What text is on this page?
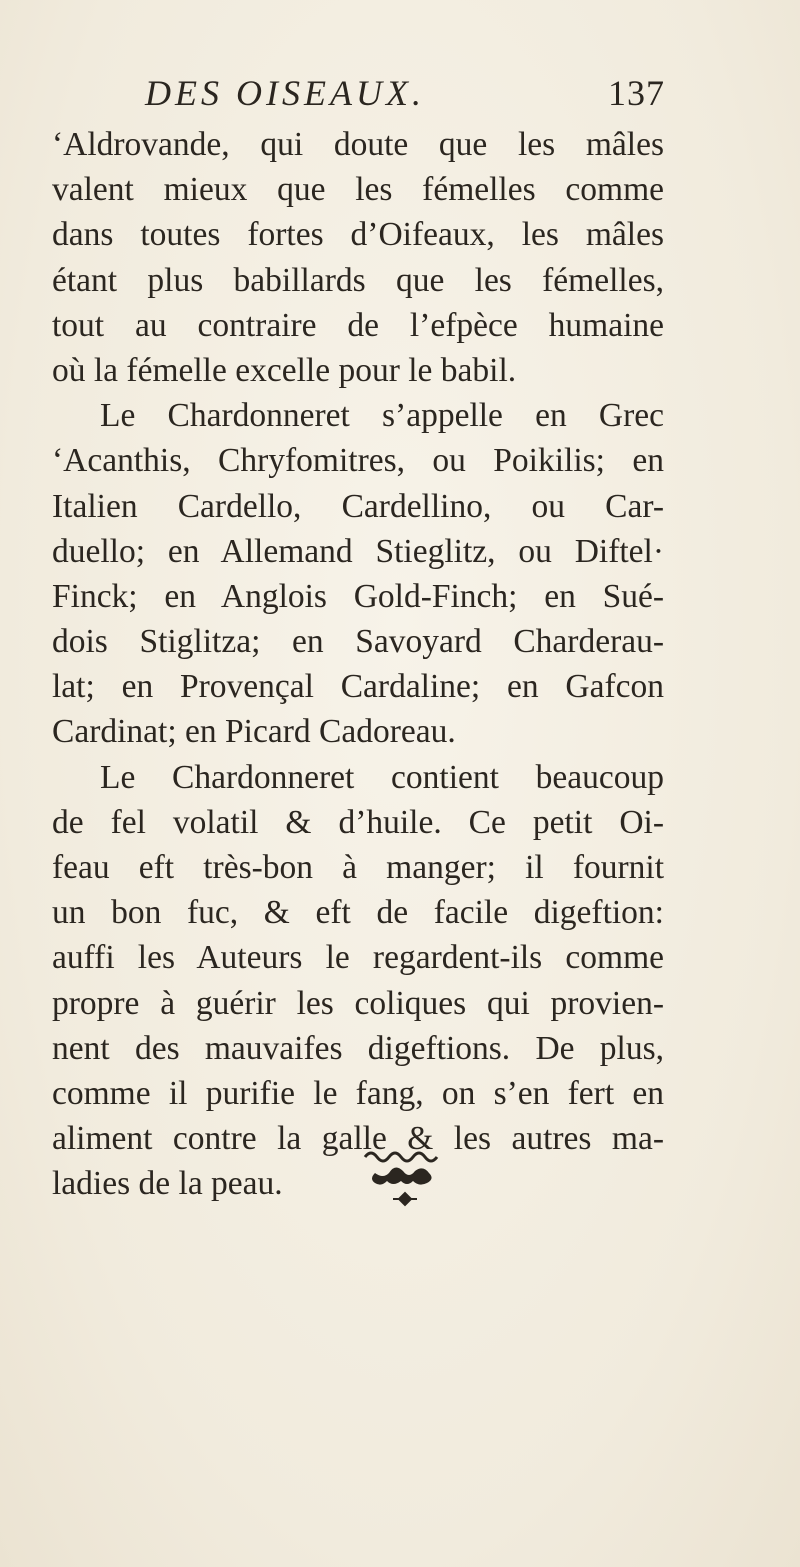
DES OISEAUX.	137
‘Aldrovande, qui doute que les mâles
valent mieux que les fémelles comme
dans toutes fortes d’Oifeaux, les mâles
étant plus babillards que les fémelles,
tout au contraire de l’efpèce humaine
où la fémelle excelle pour le babil.
Le Chardonneret s’appelle en Grec
‘Acanthis, Chryfomitres, ou Poikilis; en
Italien Cardello, Cardellino, ou Car-
duello; en Allemand Stieglitz, ou Diftel·
Finck; en Anglois Gold-Finch; en Sué-
dois Stiglitza; en Savoyard Charderau-
lat; en Provençal Cardaline; en Gafcon
Cardinat; en Picard Cadoreau.
Le Chardonneret contient beaucoup
de fel volatil & d’huile. Ce petit Oi-
feau eft très-bon à manger; il fournit
un bon fuc, & eft de facile digeftion:
auffi les Auteurs le regardent-ils comme
propre à guérir les coliques qui provien-
nent des mauvaifes digeftions. De plus,
comme il purifie le fang, on s’en fert en
aliment contre la galle & les autres ma-
ladies de la peau.
